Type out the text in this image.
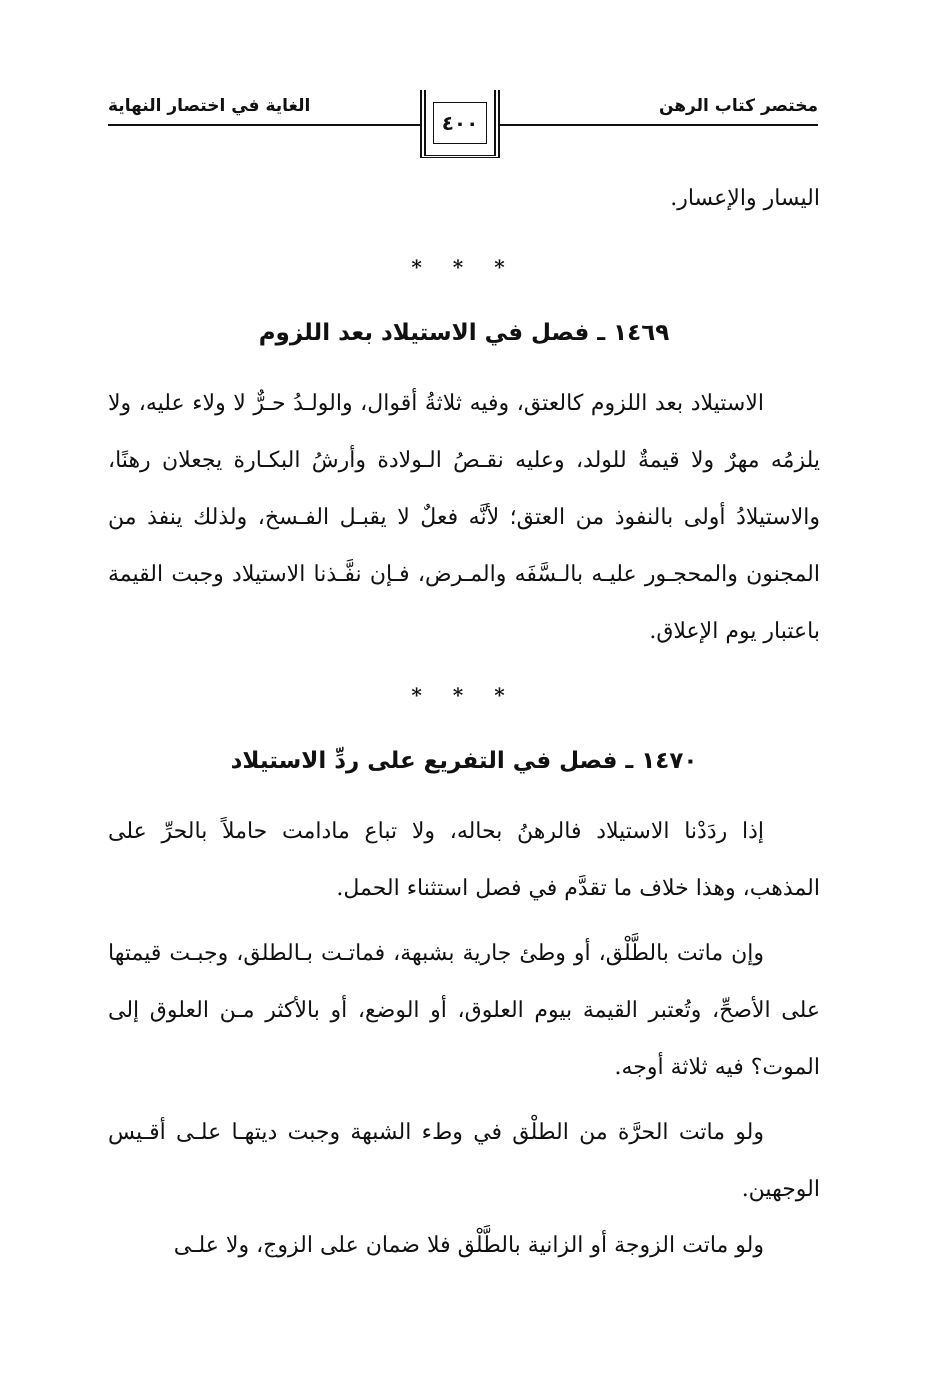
مختصر كتاب الرهن
٤٠٠
الغاية في اختصار النهاية

اليسار والإعسار.

* * *
١٤٦٩ ـ فصل في الاستيلاد بعد اللزوم

الاستيلاد بعد اللزوم كالعتق، وفيه ثلاثةُ أقوال، والولـدُ حـرٌّ لا ولاء عليه، ولا يلزمُه مهرٌ ولا قيمةٌ للولد، وعليه نقـصُ الـولادة وأرشُ البكـارة يجعلان رهنًا، والاستيلادُ أولى بالنفوذ من العتق؛ لأنَّه فعلٌ لا يقبـل الفـسخ، ولذلك ينفذ من المجنون والمحجـور عليـه بالـسَّفَه والمـرض، فـإن نفَّـذنا الاستيلاد وجبت القيمة باعتبار يوم الإعلاق.

* * *
١٤٧٠ ـ فصل في التفريع على ردِّ الاستيلاد

إذا ردَدْنا الاستيلاد فالرهنُ بحاله، ولا تباع مادامت حاملاً بالحرِّ على المذهب، وهذا خلاف ما تقدَّم في فصل استثناء الحمل.

وإن ماتت بالطَّلْق، أو وطئ جارية بشبهة، فماتـت بـالطلق، وجبـت قيمتها على الأصحِّ، وتُعتبر القيمة بيوم العلوق، أو الوضع، أو بالأكثر مـن العلوق إلى الموت؟ فيه ثلاثة أوجه.

ولو ماتت الحرَّة من الطلْق في وطء الشبهة وجبت ديتهـا علـى أقـيس الوجهين.

ولو ماتت الزوجة أو الزانية بالطَّلْق فلا ضمان على الزوج، ولا علـى
